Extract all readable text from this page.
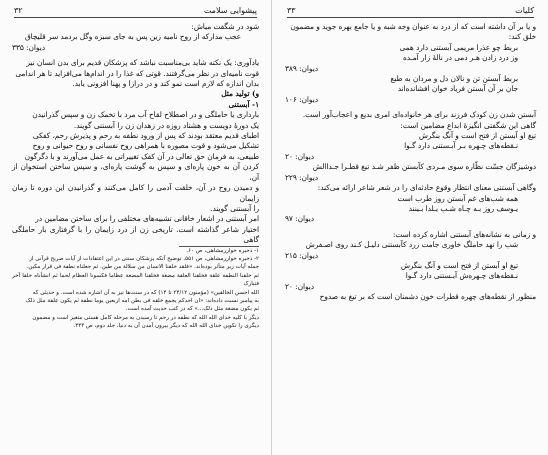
پیشوایی سلامت
۳۲
شود در شگفت میاش:
عجب مدارکه از روح نامیه زین پس به جای سبزه وگل بردمد سر قلیچاق
دیوان: ۳۳۵
یادآوری: یک نکته شاید بی‌مناسبت نباشد که پزشکان قدیم برای بدن انسان نیز
قوت نامیه‌ای در نظر می‌گرفتند. قوتی که غذا را در اندام‌ها می‌افزاید تا هر اندامی
بدان اندازه که لازم است نمو کند و در درازا و پهنا افزونی یابد.
و) تولید مثل
۱- آبستنی
بارداری یا حاملگی و در اصطلاح لقاح آب مرد با تخمک زن و سپس گذرانیدن
یک دورهٔ دویست و هشتاد روزه در زهدان زن را آبستنی گویند.
اطبای قدیم معتقد بودند که پس از ورود نطفه به رحم و پذیرش رحم، کفکی
تشکیل می‌شود و قوت مصوره با همراهی روح نفسانی و روح حیوانی و روح
طبیعی، به فرمان حق تعالی در آن کفک تغییراتی به عمل می‌آورند و با دگرگون
کردن آن به خون پاره‌ای و سپس به گوشت پاره‌ای، و سپس ساختن استخوان از آن،
و دمیدن روح در آن، خلقت آدمی را کامل می‌کنند و گذرانیدن این دوره تا زمان زایمان
را آبستنی گویند.
امر آبستنی در اشعار خاقانی تشبیه‌های مختلفی را برای ساختن مضامین در
اختیار شاعر گذاشته است. تاریخی زن از درد زایمان را با گرفتاری بار حاملگی گاهی
۱- ذخیره خوارزمشاهی، ص ۶۰.
۲- ذخیره خوارزمشاهی، ص ۵۵۱. توضیح آنکه پزشکان سنتی در این اعتقادات از آیات صریح قرآنی از
جمله آیات زیر متأثر بوده‌اند. «فلقد خلقنا الانسان من سلالة من طین. ثم جعلناه نطفة فی قرار مکین.
ثم خلقنا النطفة علقة فخلقنا العلقة مضغة فخلقنا المضغة عظاما فکسونا العظام لحما ثم انشأناه خلقا آخر فتبارک
الله احسن الخالقین» (مؤمنون ۲۳/۱۲ تا ۱۴) که در سنت‌ها نیز به آن اشاره شده است. و حدیثی که
به پیامبر نسبت داده‌اند: «ان احدکم یجمع خلقه فی بطن امه اربعین یوما نطفة ثم یکون علقة مثل ذلک
ثم یکون مضغة مثل ذلک...» که در کتب حدیث آمده است.
دیگر با کلیه خدای الله الله که نطفه در رحم تا رسیدن به مرحله کامل هستی متغیر است و مضمون
دیگری را تکوین خدای الله الله که دیگر بیرون آمدن آن به دنیا، جلد دوم، ص ۴۴۴.
کلیات
۳۳
و یا بر آن داشته است که از درد به عنوان وجه شبه و یا جامع بهره جوید و مضمون
خلق کند:
بربط چو عذرا مریمی آبستنی دارد همی
وز درد زادن هـر دمی در نالهٔ زار آمـده
دیوان: ۳۸۹
بربط آبستن تن و نالان دل و مردان به طبع
جان بر آن آبستن فریاد خوان افشانده‌اند
دیوان: ۱۰۶
آبستن شدن زن کودک فرزند برای هر خانواده‌ای امری بدیع و اعجاب‌آور است.
گاهی این شگفتی انگیزهٔ ابداع مضامین است:
تیغ او آبستن از فتح است و آنگ بنگرش
نـقطه‌های چـهره بـر آبـستنی دارد گـوا
دیوان: ۲۰
دوشیزگان جسّت نظّاره سوی مـردی کآبستن ظفر شـد تیغ قطـرا جـداالش
دیوان: ۲۲۹
وگاهی آبستنی معنای انتظار وقوع حادثه‌ای را در شعر شاعر ارائه می‌کند:
همه شب‌های غم آبستن روز طرب است
یـوسف روز بـه چـاه شـب یـلدا بـینند
دیوان: ۹۷
و زمانی به نشانه‌های آبستنی اشاره کرده است:
شب را تهد حاملگ خاوری جامت زرد کآبستنی دلیـل کـند روی اصـفرش
دیوان: ۲۱۵
تیغ او آبستن از فتح است و آنگ بنگرش
نـقطه‌های چـهره‌ش آبـستنی دارد گـوا
دیوان: ۲۰
منظور از نقطه‌های چهره قطرات خون دشمنان است که بر تیغ به صدوح
